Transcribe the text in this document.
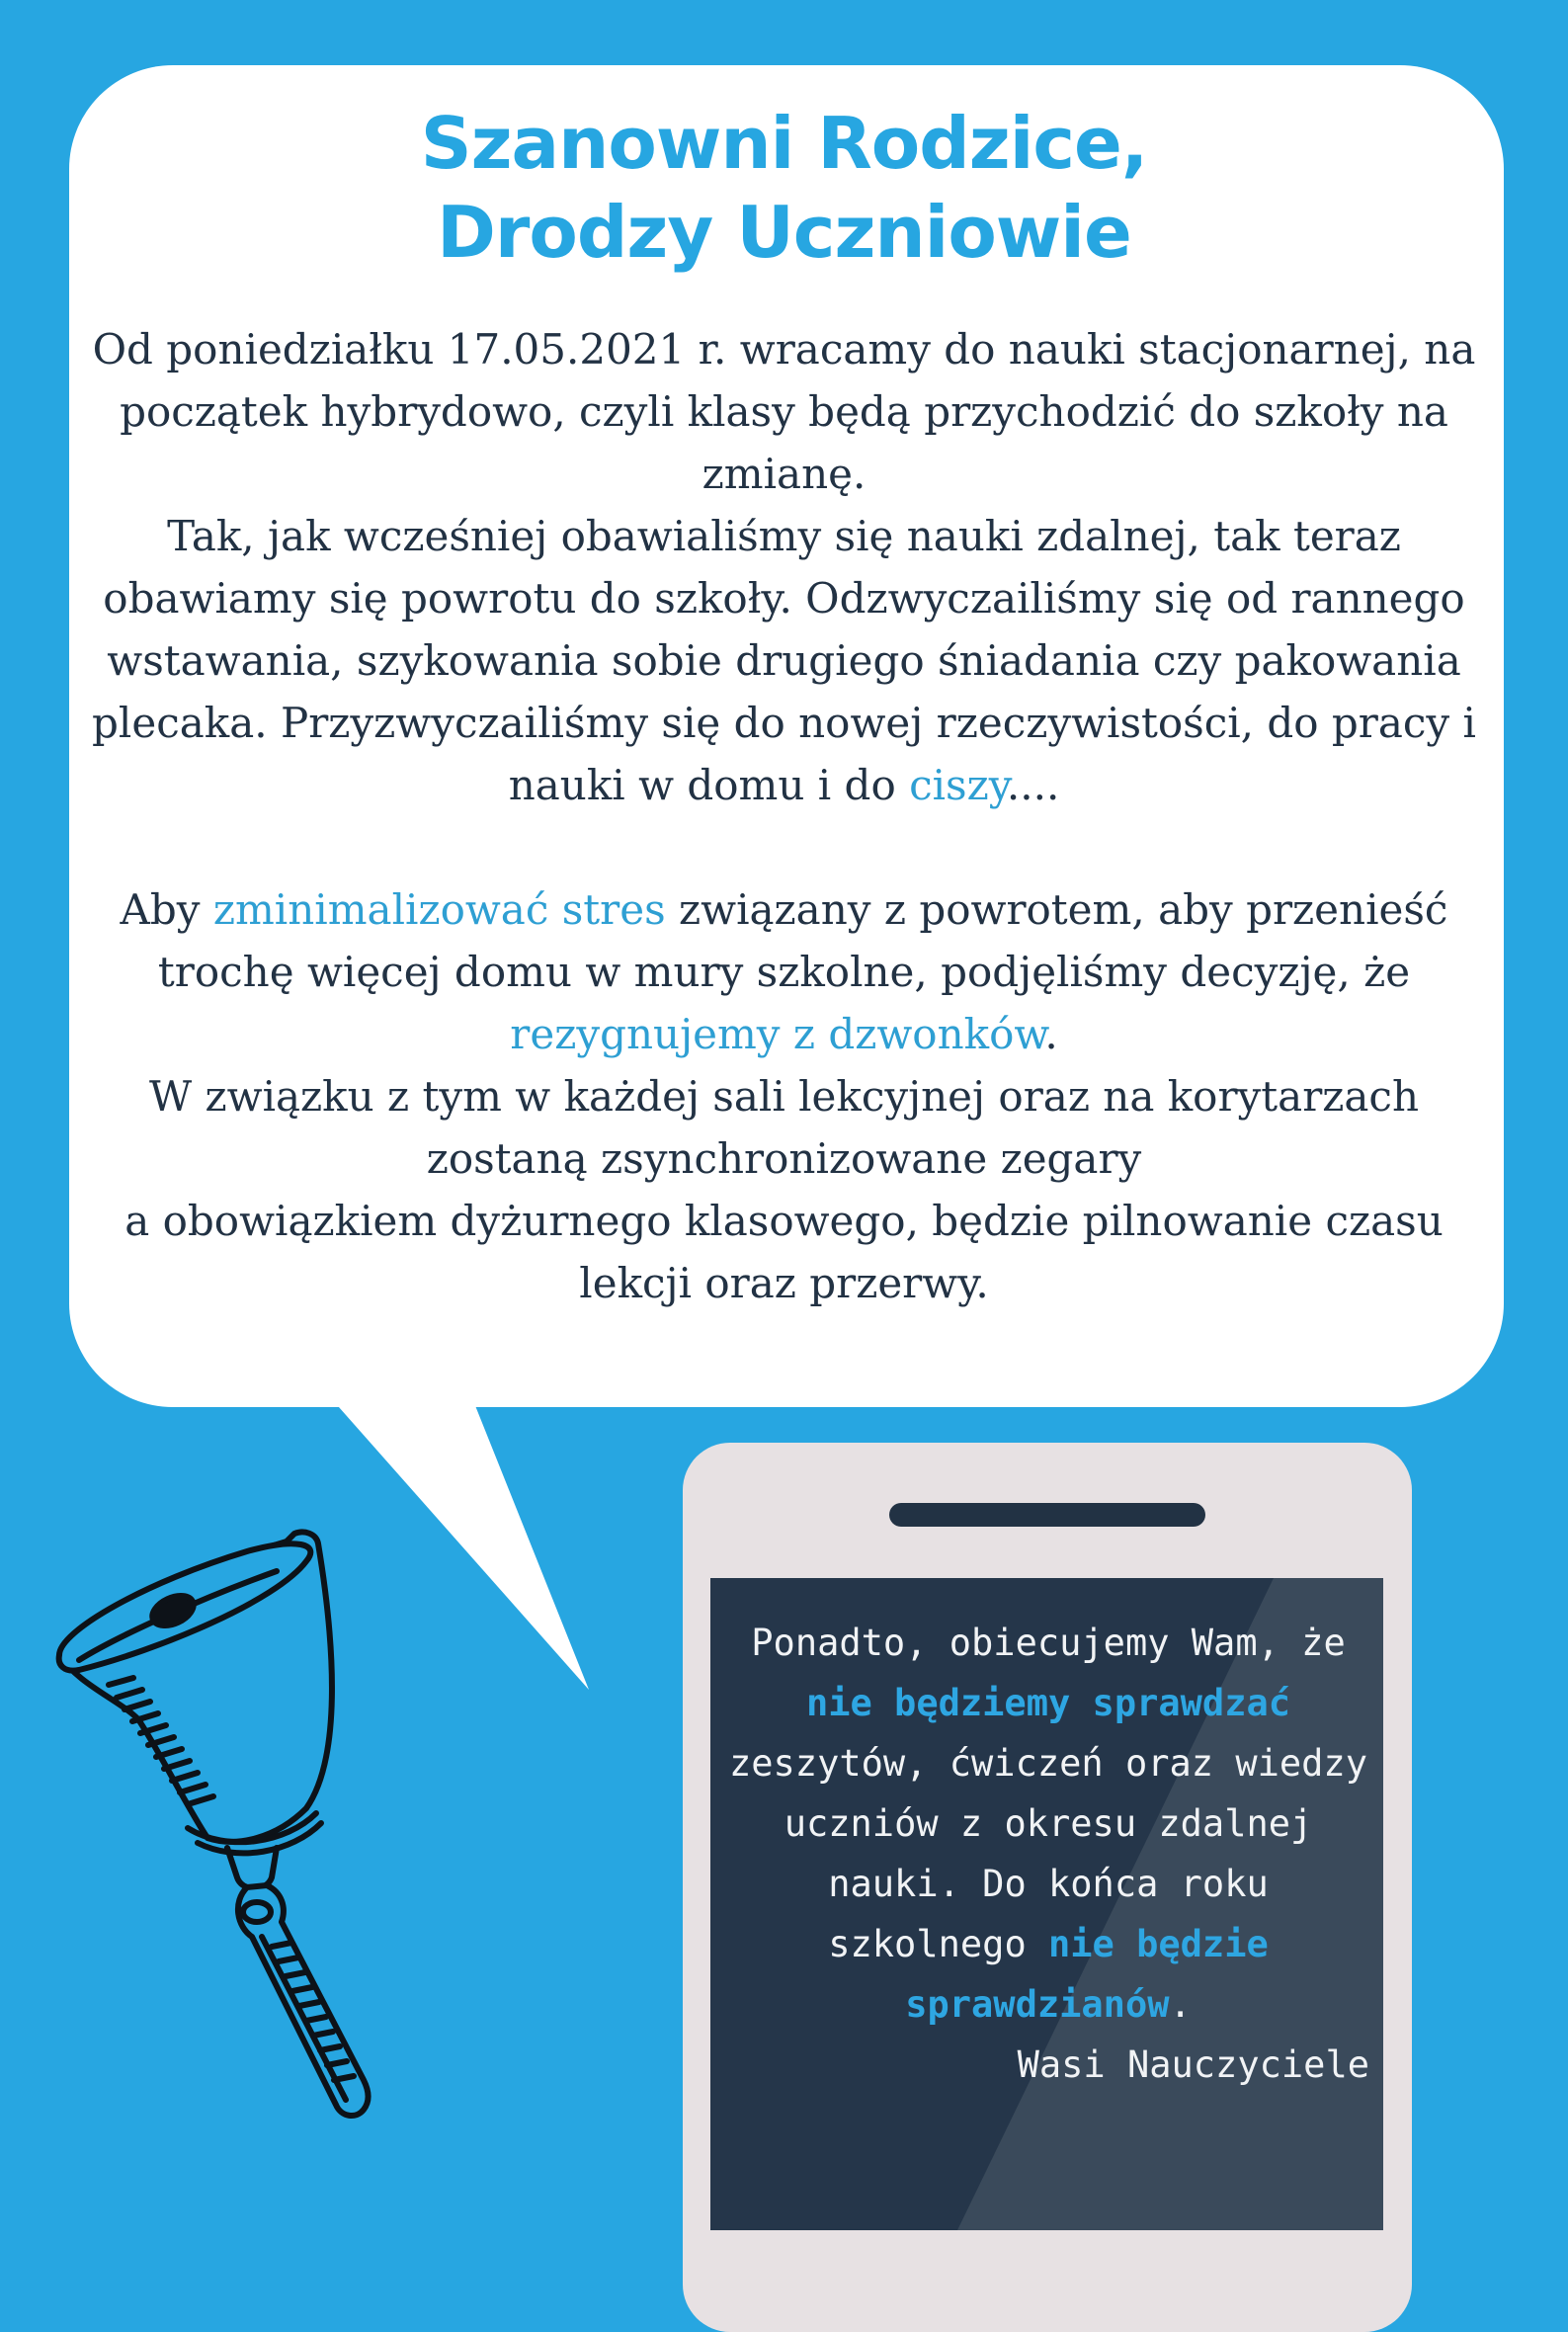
Szanowni Rodzice,
Drodzy Uczniowie

Od poniedziałku 17.05.2021 r. wracamy do nauki stacjonarnej, na początek hybrydowo, czyli klasy będą przychodzić do szkoły na zmianę.
Tak, jak wcześniej obawialiśmy się nauki zdalnej, tak teraz obawiamy się powrotu do szkoły. Odzwyczailiśmy się od rannego wstawania, szykowania sobie drugiego śniadania czy pakowania plecaka. Przyzwyczailiśmy się do nowej rzeczywistości, do pracy i nauki w domu i do ciszy....

Aby zminimalizować stres związany z powrotem, aby przenieść trochę więcej domu w mury szkolne, podjęliśmy decyzję, że rezygnujemy z dzwonków.
W związku z tym w każdej sali lekcyjnej oraz na korytarzach zostaną zsynchronizowane zegary
a obowiązkiem dyżurnego klasowego, będzie pilnowanie czasu lekcji oraz przerwy.

Ponadto, obiecujemy Wam, że nie będziemy sprawdzać zeszytów, ćwiczeń oraz wiedzy uczniów z okresu zdalnej nauki. Do końca roku szkolnego nie będzie sprawdzianów.

Wasi Nauczyciele
